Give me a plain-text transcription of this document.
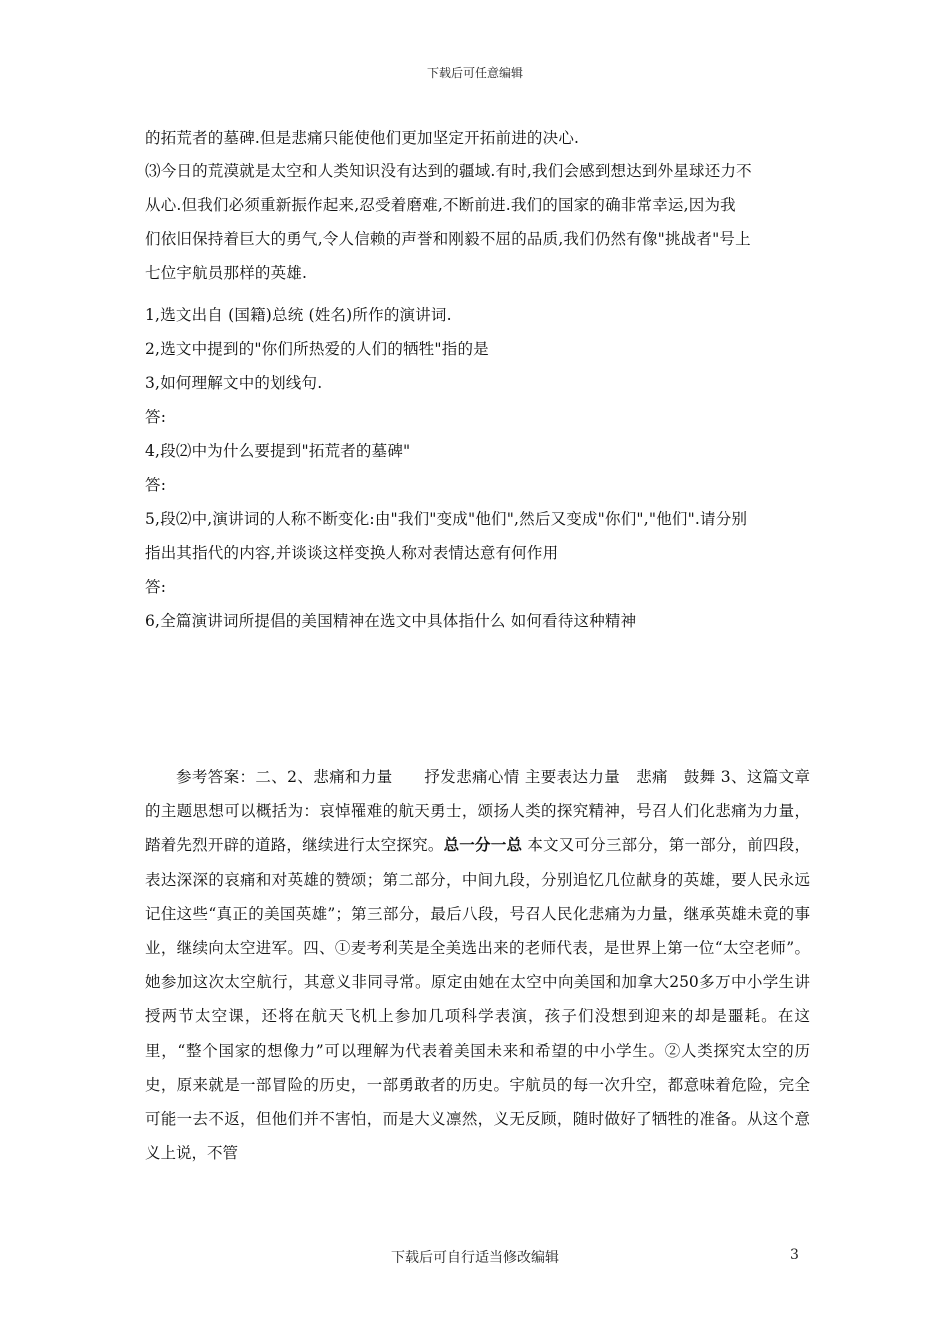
下载后可任意编辑
的拓荒者的墓碑.但是悲痛只能使他们更加坚定开拓前进的决心.
⑶今日的荒漠就是太空和人类知识没有达到的疆域.有时,我们会感到想达到外星球还力不
从心.但我们必须重新振作起来,忍受着磨难,不断前进.我们的国家的确非常幸运,因为我
们依旧保持着巨大的勇气,令人信赖的声誉和刚毅不屈的品质,我们仍然有像"挑战者"号上
七位宇航员那样的英雄.
1,选文出自 (国籍)总统 (姓名)所作的演讲词.
2,选文中提到的"你们所热爱的人们的牺牲"指的是
3,如何理解文中的划线句.
答:
4,段⑵中为什么要提到"拓荒者的墓碑"
答:
5,段⑵中,演讲词的人称不断变化:由"我们"变成"他们",然后又变成"你们","他们".请分别
指出其指代的内容,并谈谈这样变换人称对表情达意有何作用
答:
6,全篇演讲词所提倡的美国精神在选文中具体指什么 如何看待这种精神

参考答案：二、2、悲痛和力量　　抒发悲痛心情 主要表达力量　悲痛　鼓舞 3、这篇文章的主题思想可以概括为：哀悼罹难的航天勇士，颂扬人类的探究精神，号召人们化悲痛为力量，踏着先烈开辟的道路，继续进行太空探究。总一分一总 本文又可分三部分，第一部分，前四段，表达深深的哀痛和对英雄的赞颂；第二部分，中间九段，分别追忆几位献身的英雄，要人民永远记住这些“真正的美国英雄”；第三部分，最后八段，号召人民化悲痛为力量，继承英雄未竟的事业，继续向太空进军。四、①麦考利芙是全美选出来的老师代表，是世界上第一位“太空老师”。她参加这次太空航行，其意义非同寻常。原定由她在太空中向美国和加拿大250多万中小学生讲授两节太空课，还将在航天飞机上参加几项科学表演，孩子们没想到迎来的却是噩耗。在这里，“整个国家的想像力”可以理解为代表着美国未来和希望的中小学生。②人类探究太空的历史，原来就是一部冒险的历史，一部勇敢者的历史。宇航员的每一次升空，都意味着危险，完全可能一去不返，但他们并不害怕，而是大义凛然，义无反顾，随时做好了牺牲的准备。从这个意义上说，不管

下载后可自行适当修改编辑	3
